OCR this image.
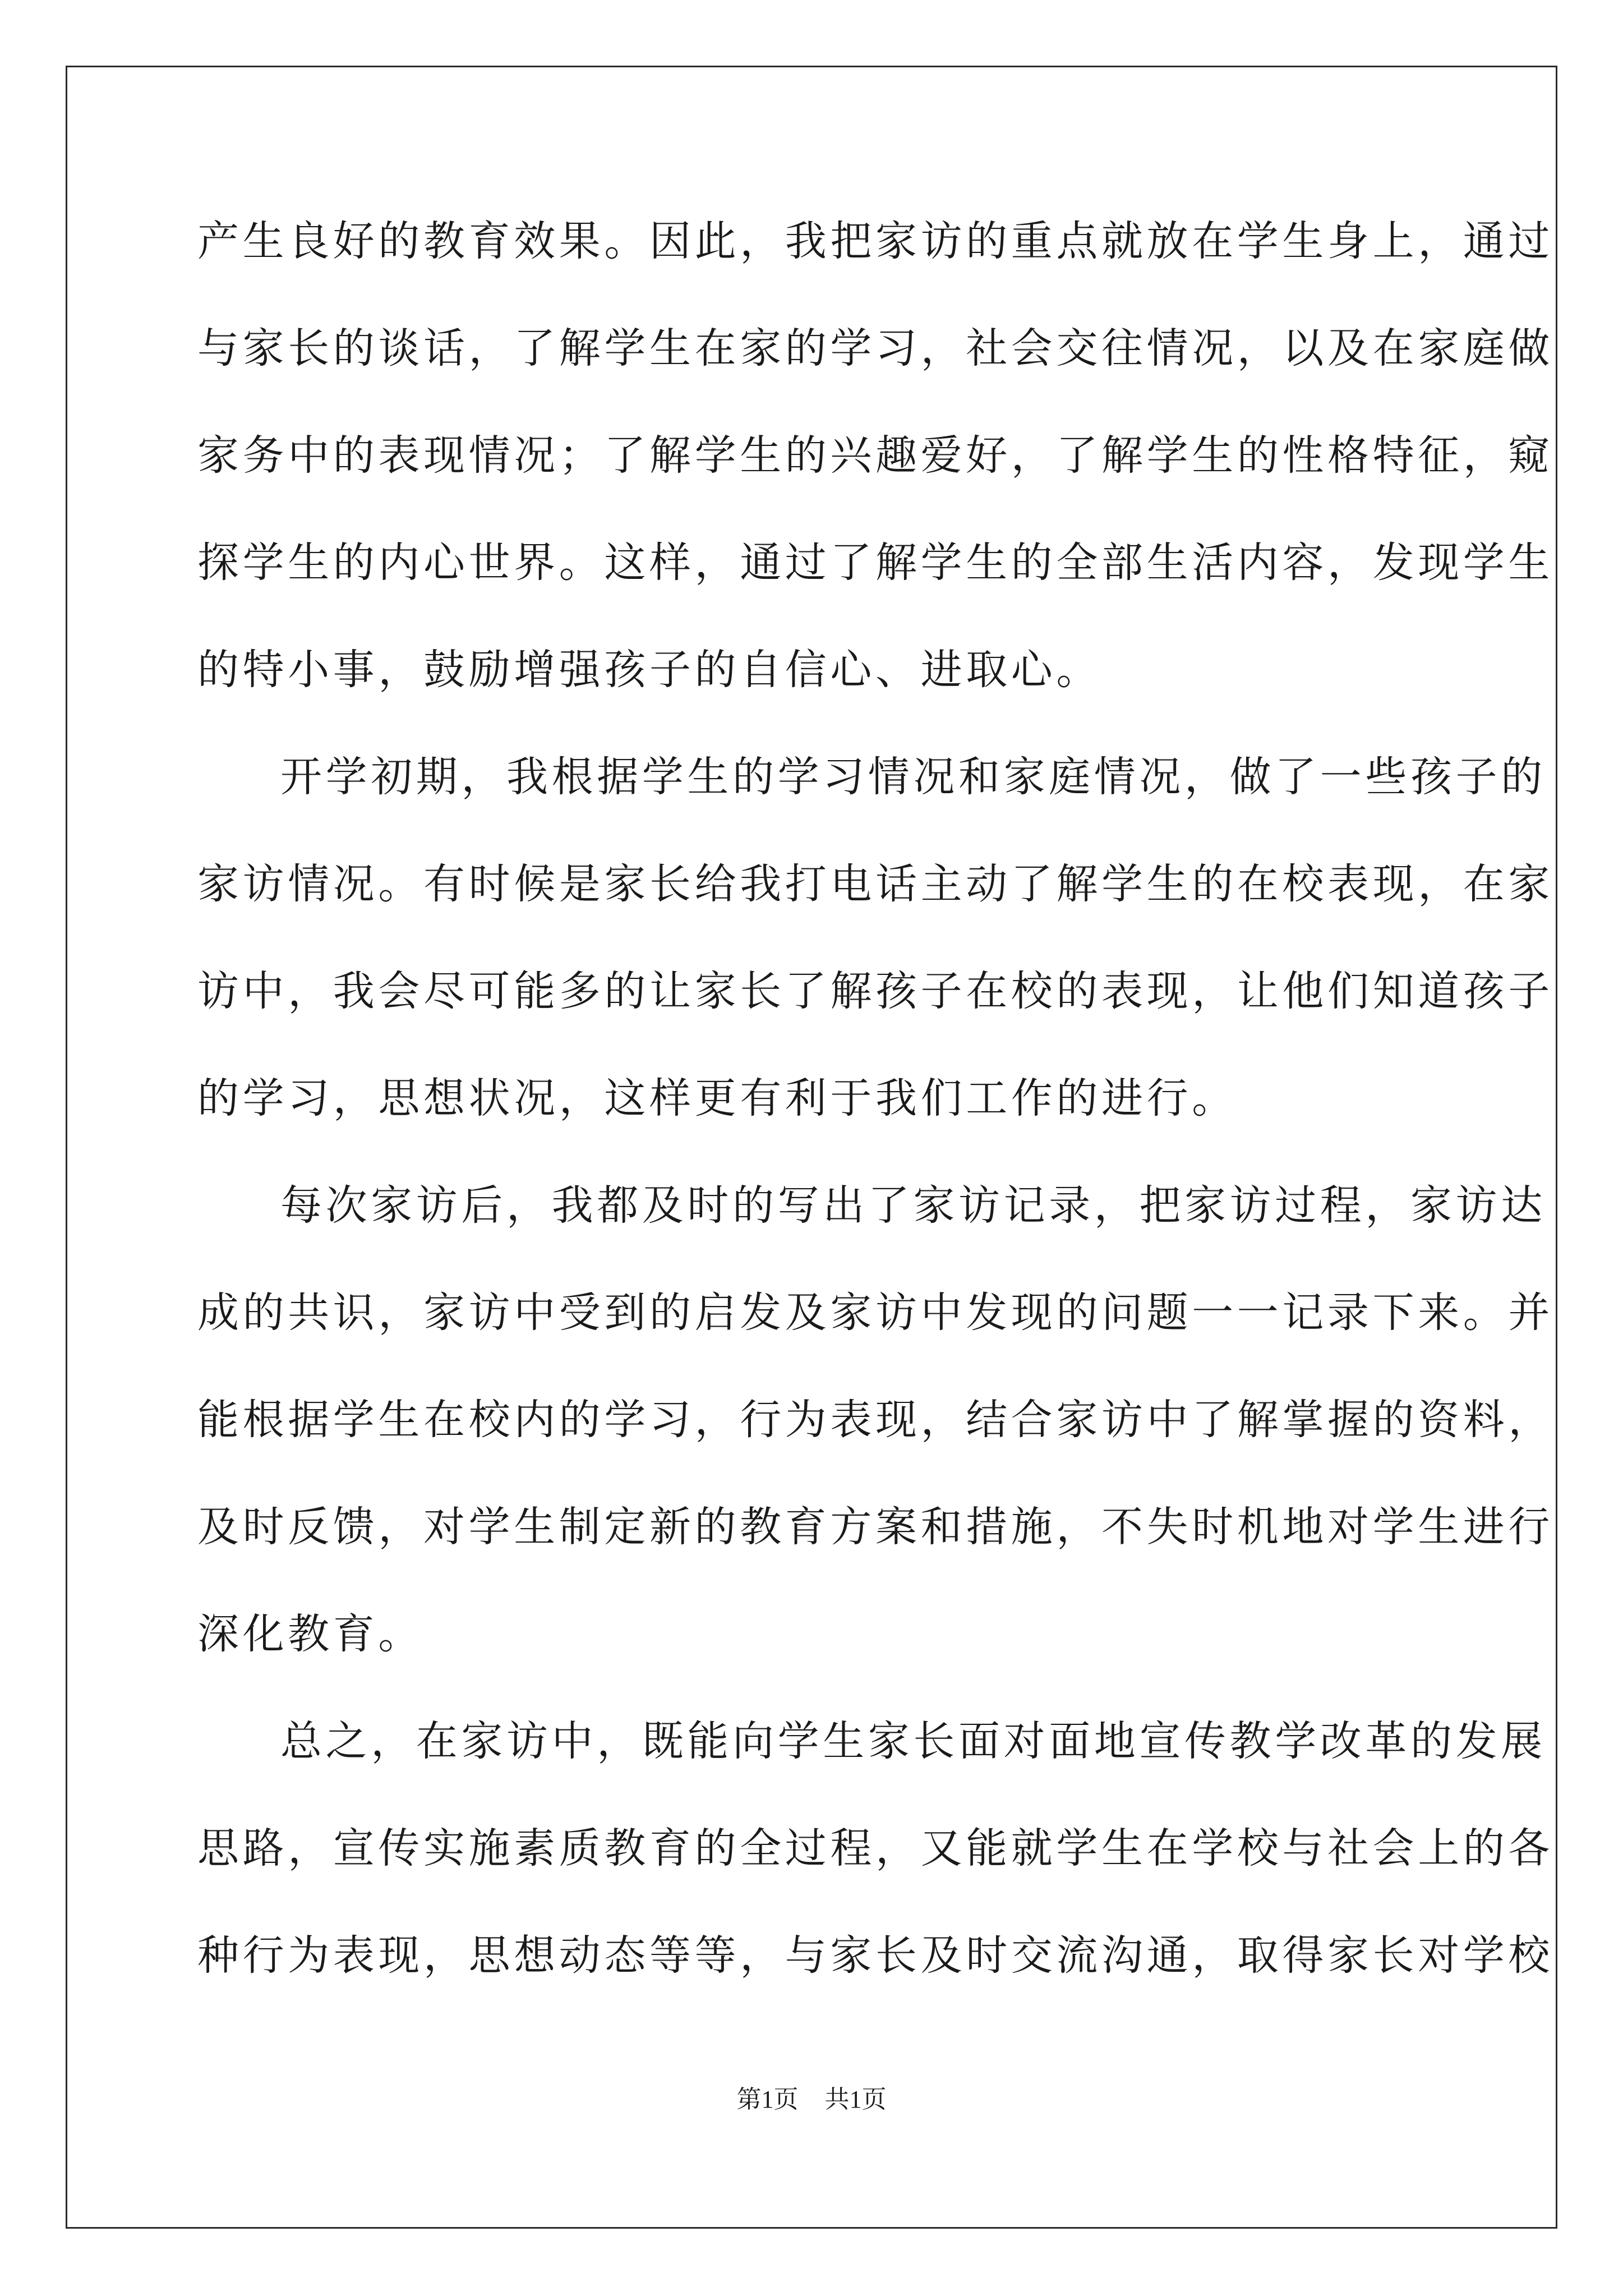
产生良好的教育效果。因此，我把家访的重点就放在学生身上，通过
与家长的谈话，了解学生在家的学习，社会交往情况，以及在家庭做
家务中的表现情况；了解学生的兴趣爱好，了解学生的性格特征，窥
探学生的内心世界。这样，通过了解学生的全部生活内容，发现学生
的特小事，鼓励增强孩子的自信心、进取心。
开学初期，我根据学生的学习情况和家庭情况，做了一些孩子的
家访情况。有时候是家长给我打电话主动了解学生的在校表现，在家
访中，我会尽可能多的让家长了解孩子在校的表现，让他们知道孩子
的学习，思想状况，这样更有利于我们工作的进行。
每次家访后，我都及时的写出了家访记录，把家访过程，家访达
成的共识，家访中受到的启发及家访中发现的问题一一记录下来。并
能根据学生在校内的学习，行为表现，结合家访中了解掌握的资料，
及时反馈，对学生制定新的教育方案和措施，不失时机地对学生进行
深化教育。
总之，在家访中，既能向学生家长面对面地宣传教学改革的发展
思路，宣传实施素质教育的全过程，又能就学生在学校与社会上的各
种行为表现，思想动态等等，与家长及时交流沟通，取得家长对学校
第1页 共1页
